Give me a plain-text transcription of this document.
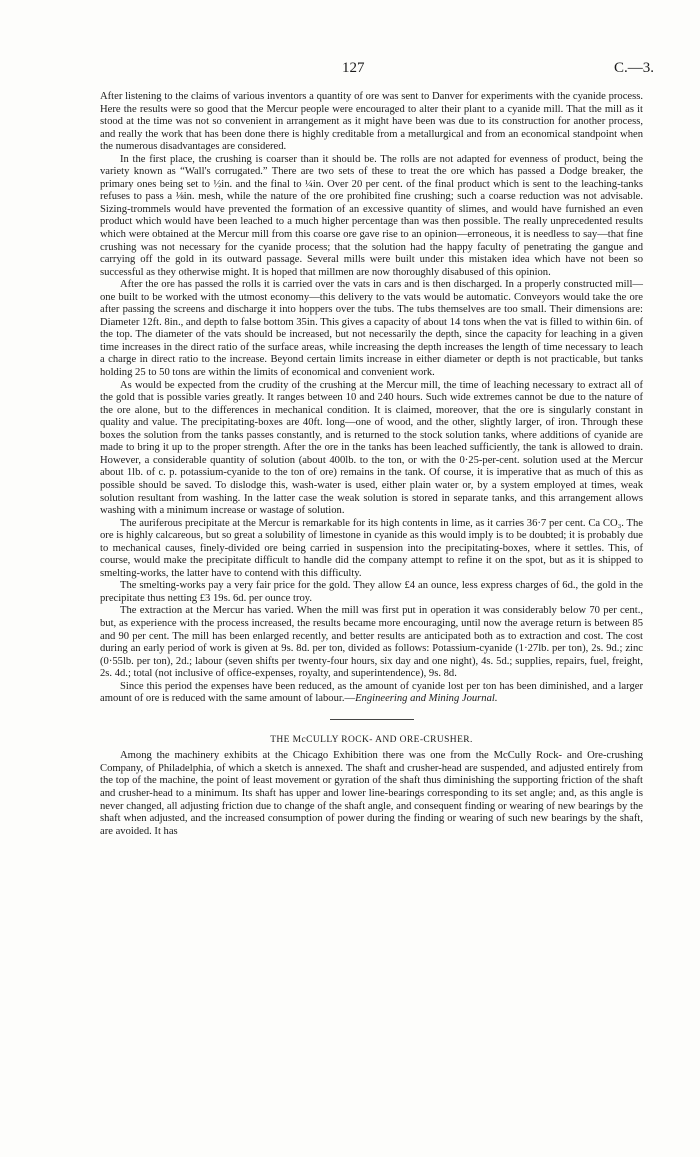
127	C.—3.

After listening to the claims of various inventors a quantity of ore was sent to Danver for experiments with the cyanide process. Here the results were so good that the Mercur people were encouraged to alter their plant to a cyanide mill. That the mill as it stood at the time was not so convenient in arrangement as it might have been was due to its construction for another process, and really the work that has been done there is highly creditable from a metallurgical and from an economical standpoint when the numerous disadvantages are considered.

In the first place, the crushing is coarser than it should be. The rolls are not adapted for evenness of product, being the variety known as “Wall's corrugated.” There are two sets of these to treat the ore which has passed a Dodge breaker, the primary ones being set to ½in. and the final to ¼in. Over 20 per cent. of the final product which is sent to the leaching-tanks refuses to pass a ⅛in. mesh, while the nature of the ore prohibited fine crushing; such a coarse reduction was not advisable. Sizing-trommels would have prevented the formation of an excessive quantity of slimes, and would have furnished an even product which would have been leached to a much higher percentage than was then possible. The really unprecedented results which were obtained at the Mercur mill from this coarse ore gave rise to an opinion—erroneous, it is needless to say—that fine crushing was not necessary for the cyanide process; that the solution had the happy faculty of penetrating the gangue and carrying off the gold in its outward passage. Several mills were built under this mistaken idea which have not been so successful as they otherwise might. It is hoped that millmen are now thoroughly disabused of this opinion.

After the ore has passed the rolls it is carried over the vats in cars and is then discharged. In a properly constructed mill—one built to be worked with the utmost economy—this delivery to the vats would be automatic. Conveyors would take the ore after passing the screens and discharge it into hoppers over the tubs. The tubs themselves are too small. Their dimensions are: Diameter 12ft. 8in., and depth to false bottom 35in. This gives a capacity of about 14 tons when the vat is filled to within 6in. of the top. The diameter of the vats should be increased, but not necessarily the depth, since the capacity for leaching in a given time increases in the direct ratio of the surface areas, while increasing the depth increases the length of time necessary to leach a charge in direct ratio to the increase. Beyond certain limits increase in either diameter or depth is not practicable, but tanks holding 25 to 50 tons are within the limits of economical and convenient work.

As would be expected from the crudity of the crushing at the Mercur mill, the time of leaching necessary to extract all of the gold that is possible varies greatly. It ranges between 10 and 240 hours. Such wide extremes cannot be due to the nature of the ore alone, but to the differences in mechanical condition. It is claimed, moreover, that the ore is singularly constant in quality and value. The precipitating-boxes are 40ft. long—one of wood, and the other, slightly larger, of iron. Through these boxes the solution from the tanks passes constantly, and is returned to the stock solution tanks, where additions of cyanide are made to bring it up to the proper strength. After the ore in the tanks has been leached sufficiently, the tank is allowed to drain. However, a considerable quantity of solution (about 400lb. to the ton, or with the 0·25-per-cent. solution used at the Mercur about 1lb. of c. p. potassium-cyanide to the ton of ore) remains in the tank. Of course, it is imperative that as much of this as possible should be saved. To dislodge this, wash-water is used, either plain water or, by a system employed at times, weak solution resultant from washing. In the latter case the weak solution is stored in separate tanks, and this arrangement allows washing with a minimum increase or wastage of solution.

The auriferous precipitate at the Mercur is remarkable for its high contents in lime, as it carries 36·7 per cent. Ca CO₃. The ore is highly calcareous, but so great a solubility of limestone in cyanide as this would imply is to be doubted; it is probably due to mechanical causes, finely-divided ore being carried in suspension into the precipitating-boxes, where it settles. This, of course, would make the precipitate difficult to handle did the company attempt to refine it on the spot, but as it is shipped to smelting-works, the latter have to contend with this difficulty.

The smelting-works pay a very fair price for the gold. They allow £4 an ounce, less express charges of 6d., the gold in the precipitate thus netting £3 19s. 6d. per ounce troy.

The extraction at the Mercur has varied. When the mill was first put in operation it was considerably below 70 per cent., but, as experience with the process increased, the results became more encouraging, until now the average return is between 85 and 90 per cent. The mill has been enlarged recently, and better results are anticipated both as to extraction and cost. The cost during an early period of work is given at 9s. 8d. per ton, divided as follows: Potassium-cyanide (1·27lb. per ton), 2s. 9d.; zinc (0·55lb. per ton), 2d.; labour (seven shifts per twenty-four hours, six day and one night), 4s. 5d.; supplies, repairs, fuel, freight, 2s. 4d.; total (not inclusive of office-expenses, royalty, and superintendence), 9s. 8d.

Since this period the expenses have been reduced, as the amount of cyanide lost per ton has been diminished, and a larger amount of ore is reduced with the same amount of labour.—Engineering and Mining Journal.

THE McCULLY ROCK- AND ORE-CRUSHER.

Among the machinery exhibits at the Chicago Exhibition there was one from the McCully Rock- and Ore-crushing Company, of Philadelphia, of which a sketch is annexed. The shaft and crusher-head are suspended, and adjusted entirely from the top of the machine, the point of least movement or gyration of the shaft thus diminishing the supporting friction of the shaft and crusher-head to a minimum. Its shaft has upper and lower line-bearings corresponding to its set angle; and, as this angle is never changed, all adjusting friction due to change of the shaft angle, and consequent finding or wearing of new bearings by the shaft when adjusted, and the increased consumption of power during the finding or wearing of such new bearings by the shaft, are avoided. It has
